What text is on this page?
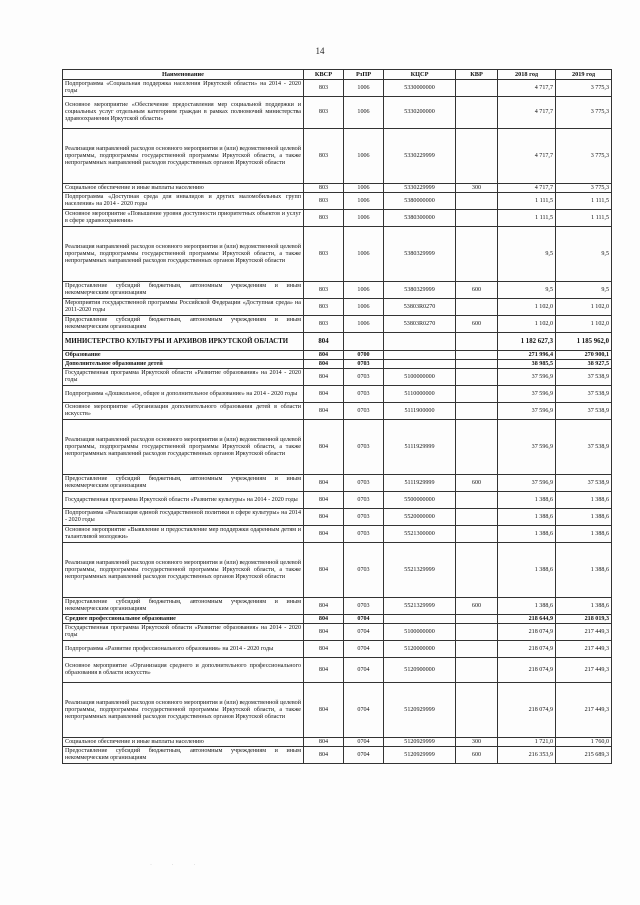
14
Наименование	КВСР	РзПР	КЦСР	КВР	2018 год	2019 год
Подпрограмма «Социальная поддержка населения Иркутской области» на 2014 - 2020 годы	803	1006	5330000000		4 717,7	3 775,3
Основное мероприятие «Обеспечение предоставления мер социальной поддержки и социальных услуг отдельным категориям граждан в рамках полномочий министерства здравоохранения Иркутской области»	803	1006	5330200000		4 717,7	3 775,3
Реализация направлений расходов основного мероприятия и (или) ведомственной целевой программы, подпрограммы государственной программы Иркутской области, а также непрограммных направлений расходов государственных органов Иркутской области	803	1006	5330229999		4 717,7	3 775,3
Социальное обеспечение и иные выплаты населению	803	1006	5330229999	300	4 717,7	3 775,3
Подпрограмма «Доступная среда для инвалидов и других маломобильных групп населения» на 2014 - 2020 годы	803	1006	5380000000		1 111,5	1 111,5
Основное мероприятие «Повышение уровня доступности приоритетных объектов и услуг в сфере здравоохранения»	803	1006	5380300000		1 111,5	1 111,5
Реализация направлений расходов основного мероприятия и (или) ведомственной целевой программы, подпрограммы государственной программы Иркутской области, а также непрограммных направлений расходов государственных органов Иркутской области	803	1006	5380329999		9,5	9,5
Предоставление субсидий бюджетным, автономным учреждениям и иным некоммерческим организациям	803	1006	5380329999	600	9,5	9,5
Мероприятия государственной программы Российской Федерации «Доступная среда» на 2011-2020 годы	803	1006	53803R0270		1 102,0	1 102,0
Предоставление субсидий бюджетным, автономным учреждениям и иным некоммерческим организациям	803	1006	53803R0270	600	1 102,0	1 102,0
МИНИСТЕРСТВО КУЛЬТУРЫ И АРХИВОВ ИРКУТСКОЙ ОБЛАСТИ	804				1 182 627,3	1 185 962,0
Образование	804	0700			271 996,4	270 900,1
Дополнительное образование детей	804	0703			38 985,5	38 927,5
Государственная программа Иркутской области «Развитие образования» на 2014 - 2020 годы	804	0703	5100000000		37 596,9	37 538,9
Подпрограмма «Дошкольное, общее и дополнительное образование» на 2014 - 2020 годы	804	0703	5110000000		37 596,9	37 538,9
Основное мероприятие «Организация дополнительного образования детей в области искусств»	804	0703	5111900000		37 596,9	37 538,9
Реализация направлений расходов основного мероприятия и (или) ведомственной целевой программы, подпрограммы государственной программы Иркутской области, а также непрограммных направлений расходов государственных органов Иркутской области	804	0703	5111929999		37 596,9	37 538,9
Предоставление субсидий бюджетным, автономным учреждениям и иным некоммерческим организациям	804	0703	5111929999	600	37 596,9	37 538,9
Государственная программа Иркутской области «Развитие культуры» на 2014 - 2020 годы	804	0703	5500000000		1 388,6	1 388,6
Подпрограмма «Реализация единой государственной политики в сфере культуры» на 2014 - 2020 годы	804	0703	5520000000		1 388,6	1 388,6
Основное мероприятие «Выявление и предоставление мер поддержки одаренным детям и талантливой молодежи»	804	0703	5521300000		1 388,6	1 388,6
Реализация направлений расходов основного мероприятия и (или) ведомственной целевой программы, подпрограммы государственной программы Иркутской области, а также непрограммных направлений расходов государственных органов Иркутской области	804	0703	5521329999		1 388,6	1 388,6
Предоставление субсидий бюджетным, автономным учреждениям и иным некоммерческим организациям	804	0703	5521329999	600	1 388,6	1 388,6
Среднее профессиональное образование	804	0704			218 644,9	218 019,3
Государственная программа Иркутской области «Развитие образования» на 2014 - 2020 годы	804	0704	5100000000		218 074,9	217 449,3
Подпрограмма «Развитие профессионального образования» на 2014 - 2020 годы	804	0704	5120000000		218 074,9	217 449,3
Основное мероприятие «Организация среднего и дополнительного профессионального образования в области искусств»	804	0704	5120900000		218 074,9	217 449,3
Реализация направлений расходов основного мероприятия и (или) ведомственной целевой программы, подпрограммы государственной программы Иркутской области, а также непрограммных направлений расходов государственных органов Иркутской области	804	0704	5120929999		218 074,9	217 449,3
Социальное обеспечение и иные выплаты населению	804	0704	5120929999	300	1 721,0	1 760,0
Предоставление субсидий бюджетным, автономным учреждениям и иным некоммерческим организациям	804	0704	5120929999	600	216 353,9	215 689,3
· · ·
